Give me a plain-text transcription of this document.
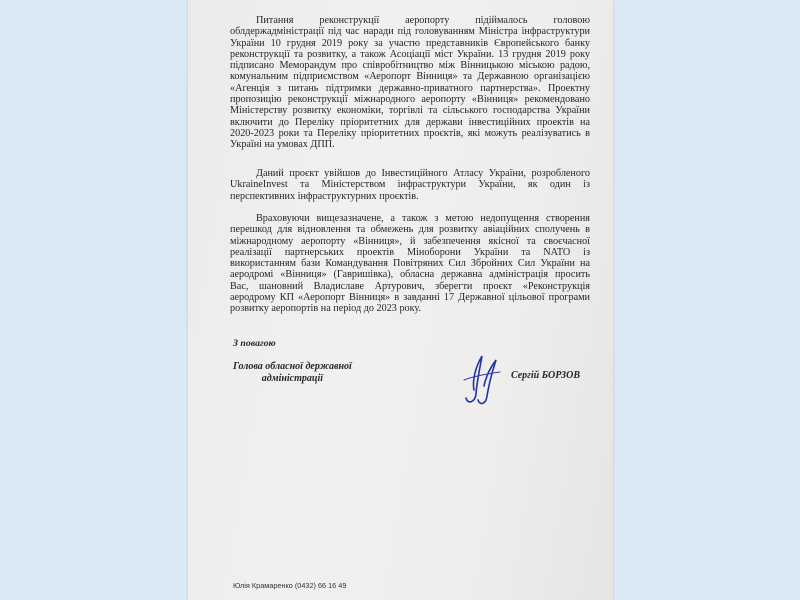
Питання реконструкції аеропорту підіймалось головою
облдержадміністрації під час наради під головуванням Міністра інфраструктури
України 10 грудня 2019 року за участю представників Європейського банку
реконструкції та розвитку, а також Асоціації міст України. 13 грудня 2019 року
підписано Меморандум про співробітництво між Вінницькою міською радою,
комунальним підприємством «Аеропорт Вінниця» та Державною організацією
«Агенція з питань підтримки державно-приватного партнерства». Проектну
пропозицію реконструкції міжнародного аеропорту «Вінниця» рекомендовано
Міністерству розвитку економіки, торгівлі та сільського господарства України
включити до Переліку пріоритетних для держави інвестиційних проектів на
2020-2023 роки та Переліку пріоритетних проєктів, які можуть реалізуватись в
Україні на умовах ДПП.
Даний проєкт увійшов до Інвестиційного Атласу України, розробленого
UkraineInvest та Міністерством інфраструктури України, як один із
перспективних інфраструктурних проєктів.
Враховуючи вищезазначене, а також з метою недопущення створення
перешкод для відновлення та обмежень для розвитку авіаційних сполучень в
міжнародному аеропорту «Вінниця», й забезпечення якісної та своєчасної
реалізації партнерських проектів Міноборони України та NATO із
використанням бази Командування Повітряних Сил Збройних Сил України на
аеродромі «Вінниця» (Гавришівка), обласна державна адміністрація просить
Вас, шановний Владиславе Артурович, зберегти проєкт «Реконструкція
аеродрому КП «Аеропорт Вінниця» в завданні 17 Державної цільової програми
розвитку аеропортів на період до 2023 року.
З повагою
Голова обласної державної
адміністрації	Сергій БОРЗОВ
Юлія Крамаренко (0432) 66 16 49
